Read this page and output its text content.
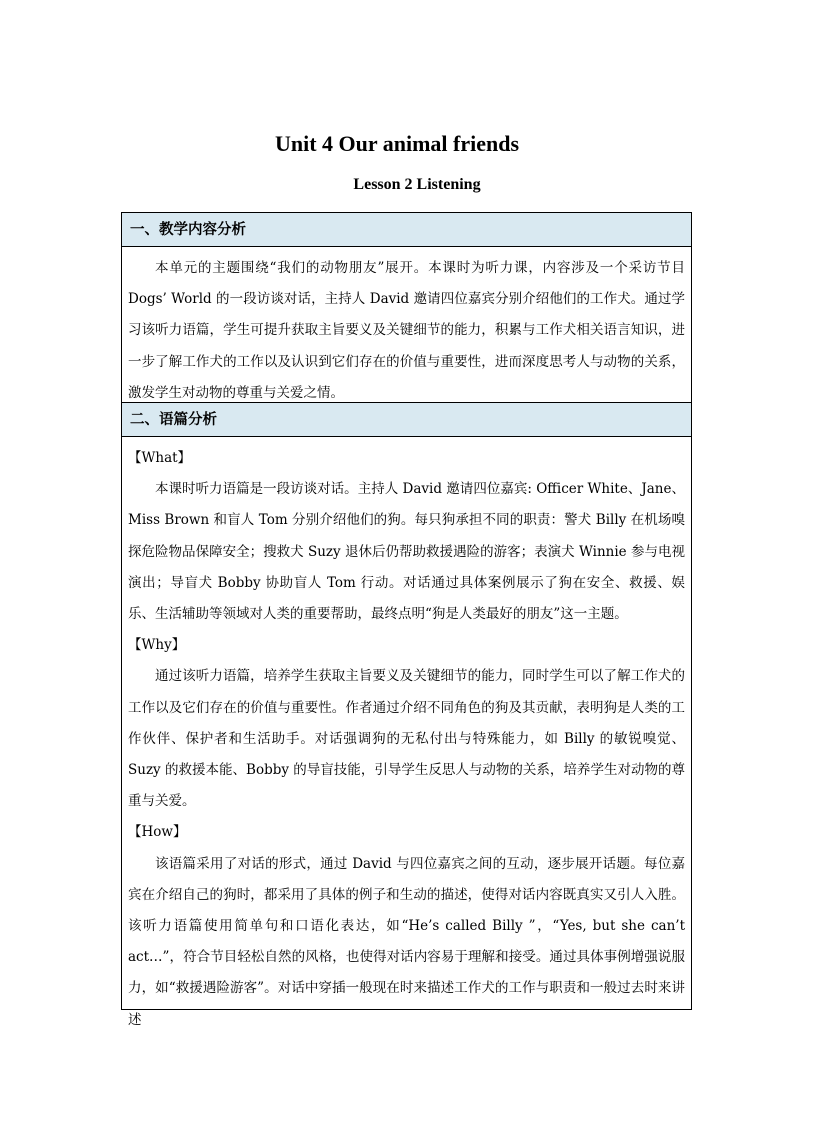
Unit 4 Our animal friends
Lesson 2 Listening
一、教学内容分析

本单元的主题围绕“我们的动物朋友”展开。本课时为听力课，内容涉及一个采访节目 Dogs’ World 的一段访谈对话，主持人 David 邀请四位嘉宾分别介绍他们的工作犬。通过学习该听力语篇，学生可提升获取主旨要义及关键细节的能力，积累与工作犬相关语言知识，进一步了解工作犬的工作以及认识到它们存在的价值与重要性，进而深度思考人与动物的关系，激发学生对动物的尊重与关爱之情。

二、语篇分析

【What】

本课时听力语篇是一段访谈对话。主持人 David 邀请四位嘉宾: Officer White、Jane、Miss Brown 和盲人 Tom 分别介绍他们的狗。每只狗承担不同的职责：警犬 Billy 在机场嗅探危险物品保障安全；搜救犬 Suzy 退休后仍帮助救援遇险的游客；表演犬 Winnie 参与电视演出；导盲犬 Bobby 协助盲人 Tom 行动。对话通过具体案例展示了狗在安全、救援、娱乐、生活辅助等领域对人类的重要帮助，最终点明“狗是人类最好的朋友”这一主题。

【Why】

通过该听力语篇，培养学生获取主旨要义及关键细节的能力，同时学生可以了解工作犬的工作以及它们存在的价值与重要性。作者通过介绍不同角色的狗及其贡献，表明狗是人类的工作伙伴、保护者和生活助手。对话强调狗的无私付出与特殊能力，如 Billy 的敏锐嗅觉、Suzy 的救援本能、Bobby 的导盲技能，引导学生反思人与动物的关系，培养学生对动物的尊重与关爱。

【How】

该语篇采用了对话的形式，通过 David 与四位嘉宾之间的互动，逐步展开话题。每位嘉宾在介绍自己的狗时，都采用了具体的例子和生动的描述，使得对话内容既真实又引人入胜。该听力语篇使用简单句和口语化表达，如“He’s called Billy ”，“Yes, but she can’t act…”，符合节目轻松自然的风格，也使得对话内容易于理解和接受。通过具体事例增强说服力，如“救援遇险游客”。对话中穿插一般现在时来描述工作犬的工作与职责和一般过去时来讲述
